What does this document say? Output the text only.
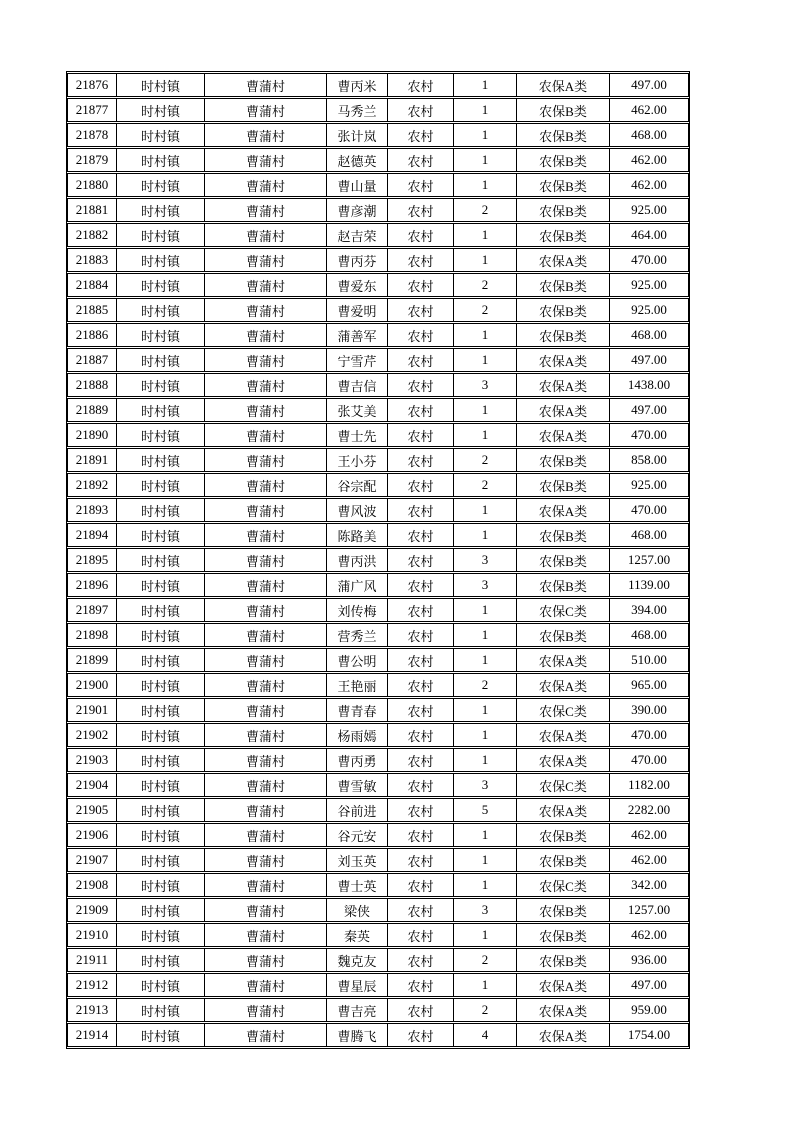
21876	时村镇	曹蒲村	曹丙米	农村	1	农保A类	497.00
21877	时村镇	曹蒲村	马秀兰	农村	1	农保B类	462.00
21878	时村镇	曹蒲村	张计岚	农村	1	农保B类	468.00
21879	时村镇	曹蒲村	赵德英	农村	1	农保B类	462.00
21880	时村镇	曹蒲村	曹山量	农村	1	农保B类	462.00
21881	时村镇	曹蒲村	曹彦潮	农村	2	农保B类	925.00
21882	时村镇	曹蒲村	赵吉荣	农村	1	农保B类	464.00
21883	时村镇	曹蒲村	曹丙芬	农村	1	农保A类	470.00
21884	时村镇	曹蒲村	曹爱东	农村	2	农保B类	925.00
21885	时村镇	曹蒲村	曹爱明	农村	2	农保B类	925.00
21886	时村镇	曹蒲村	蒲善军	农村	1	农保B类	468.00
21887	时村镇	曹蒲村	宁雪芹	农村	1	农保A类	497.00
21888	时村镇	曹蒲村	曹吉信	农村	3	农保A类	1438.00
21889	时村镇	曹蒲村	张艾美	农村	1	农保A类	497.00
21890	时村镇	曹蒲村	曹士先	农村	1	农保A类	470.00
21891	时村镇	曹蒲村	王小芬	农村	2	农保B类	858.00
21892	时村镇	曹蒲村	谷宗配	农村	2	农保B类	925.00
21893	时村镇	曹蒲村	曹风波	农村	1	农保A类	470.00
21894	时村镇	曹蒲村	陈路美	农村	1	农保B类	468.00
21895	时村镇	曹蒲村	曹丙洪	农村	3	农保B类	1257.00
21896	时村镇	曹蒲村	蒲广风	农村	3	农保B类	1139.00
21897	时村镇	曹蒲村	刘传梅	农村	1	农保C类	394.00
21898	时村镇	曹蒲村	营秀兰	农村	1	农保B类	468.00
21899	时村镇	曹蒲村	曹公明	农村	1	农保A类	510.00
21900	时村镇	曹蒲村	王艳丽	农村	2	农保A类	965.00
21901	时村镇	曹蒲村	曹青春	农村	1	农保C类	390.00
21902	时村镇	曹蒲村	杨雨嫣	农村	1	农保A类	470.00
21903	时村镇	曹蒲村	曹丙勇	农村	1	农保A类	470.00
21904	时村镇	曹蒲村	曹雪敏	农村	3	农保C类	1182.00
21905	时村镇	曹蒲村	谷前进	农村	5	农保A类	2282.00
21906	时村镇	曹蒲村	谷元安	农村	1	农保B类	462.00
21907	时村镇	曹蒲村	刘玉英	农村	1	农保B类	462.00
21908	时村镇	曹蒲村	曹士英	农村	1	农保C类	342.00
21909	时村镇	曹蒲村	梁侠	农村	3	农保B类	1257.00
21910	时村镇	曹蒲村	秦英	农村	1	农保B类	462.00
21911	时村镇	曹蒲村	魏克友	农村	2	农保B类	936.00
21912	时村镇	曹蒲村	曹星辰	农村	1	农保A类	497.00
21913	时村镇	曹蒲村	曹吉亮	农村	2	农保A类	959.00
21914	时村镇	曹蒲村	曹腾飞	农村	4	农保A类	1754.00
